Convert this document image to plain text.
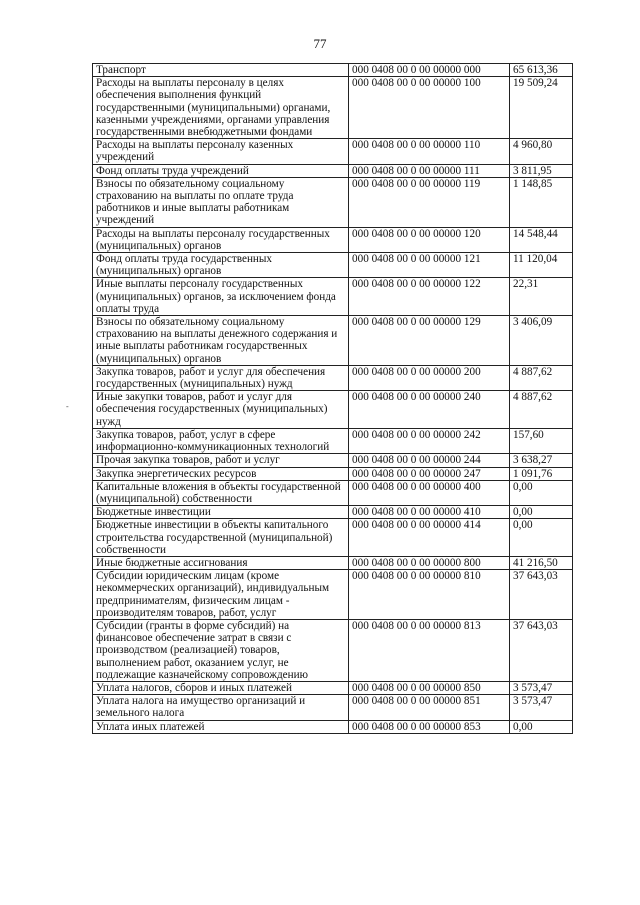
77
-
Транспорт	000 0408 00 0 00 00000 000	65 613,36
Расходы на выплаты персоналу в целях обеспечения выполнения функций государственными (муниципальными) органами, казенными учреждениями, органами управления государственными внебюджетными фондами	000 0408 00 0 00 00000 100	19 509,24
Расходы на выплаты персоналу казенных учреждений	000 0408 00 0 00 00000 110	4 960,80
Фонд оплаты труда учреждений	000 0408 00 0 00 00000 111	3 811,95
Взносы по обязательному социальному страхованию на выплаты по оплате труда работников и иные выплаты работникам учреждений	000 0408 00 0 00 00000 119	1 148,85
Расходы на выплаты персоналу государственных (муниципальных) органов	000 0408 00 0 00 00000 120	14 548,44
Фонд оплаты труда государственных (муниципальных) органов	000 0408 00 0 00 00000 121	11 120,04
Иные выплаты персоналу государственных (муниципальных) органов, за исключением фонда оплаты труда	000 0408 00 0 00 00000 122	22,31
Взносы по обязательному социальному страхованию на выплаты денежного содержания и иные выплаты работникам государственных (муниципальных) органов	000 0408 00 0 00 00000 129	3 406,09
Закупка товаров, работ и услуг для обеспечения государственных (муниципальных) нужд	000 0408 00 0 00 00000 200	4 887,62
Иные закупки товаров, работ и услуг для обеспечения государственных (муниципальных) нужд	000 0408 00 0 00 00000 240	4 887,62
Закупка товаров, работ, услуг в сфере информационно-коммуникационных технологий	000 0408 00 0 00 00000 242	157,60
Прочая закупка товаров, работ и услуг	000 0408 00 0 00 00000 244	3 638,27
Закупка энергетических ресурсов	000 0408 00 0 00 00000 247	1 091,76
Капитальные вложения в объекты государственной (муниципальной) собственности	000 0408 00 0 00 00000 400	0,00
Бюджетные инвестиции	000 0408 00 0 00 00000 410	0,00
Бюджетные инвестиции в объекты капитального строительства государственной (муниципальной) собственности	000 0408 00 0 00 00000 414	0,00
Иные бюджетные ассигнования	000 0408 00 0 00 00000 800	41 216,50
Субсидии юридическим лицам (кроме некоммерческих организаций), индивидуальным предпринимателям, физическим лицам - производителям товаров, работ, услуг	000 0408 00 0 00 00000 810	37 643,03
Субсидии (гранты в форме субсидий) на финансовое обеспечение затрат в связи с производством (реализацией) товаров, выполнением работ, оказанием услуг, не подлежащие казначейскому сопровождению	000 0408 00 0 00 00000 813	37 643,03
Уплата налогов, сборов и иных платежей	000 0408 00 0 00 00000 850	3 573,47
Уплата налога на имущество организаций и земельного налога	000 0408 00 0 00 00000 851	3 573,47
Уплата иных платежей	000 0408 00 0 00 00000 853	0,00
